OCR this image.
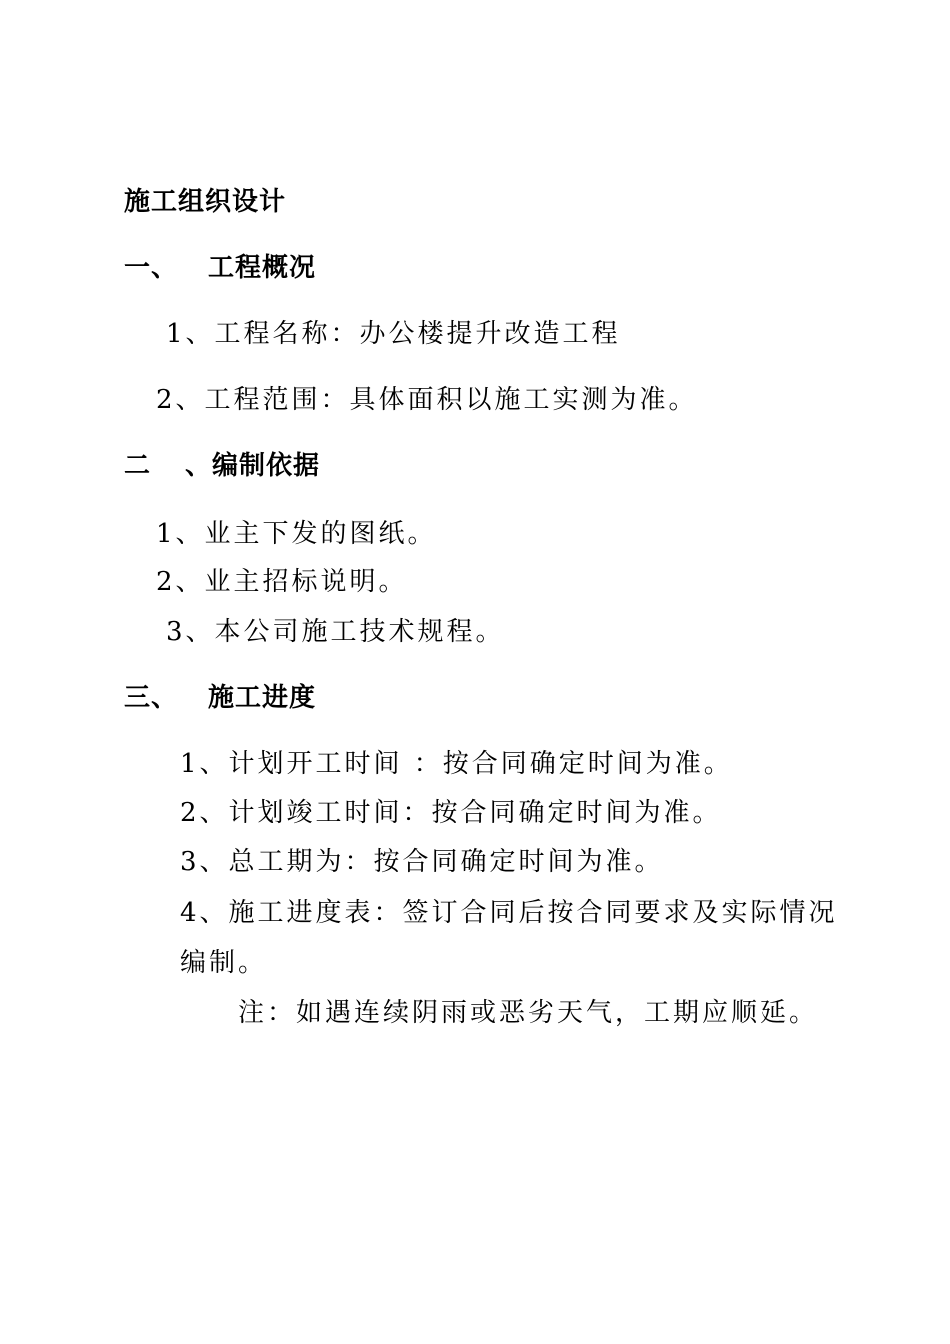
施工组织设计
一、 工程概况
1、工程名称：办公楼提升改造工程
2、工程范围：具体面积以施工实测为准。
二 、编制依据
1、业主下发的图纸。
2、业主招标说明。
3、本公司施工技术规程。
三、 施工进度
1、计划开工时间 ：按合同确定时间为准。
2、计划竣工时间：按合同确定时间为准。
3、总工期为：按合同确定时间为准。
4、施工进度表：签订合同后按合同要求及实际情况
编制。
注：如遇连续阴雨或恶劣天气，工期应顺延。
